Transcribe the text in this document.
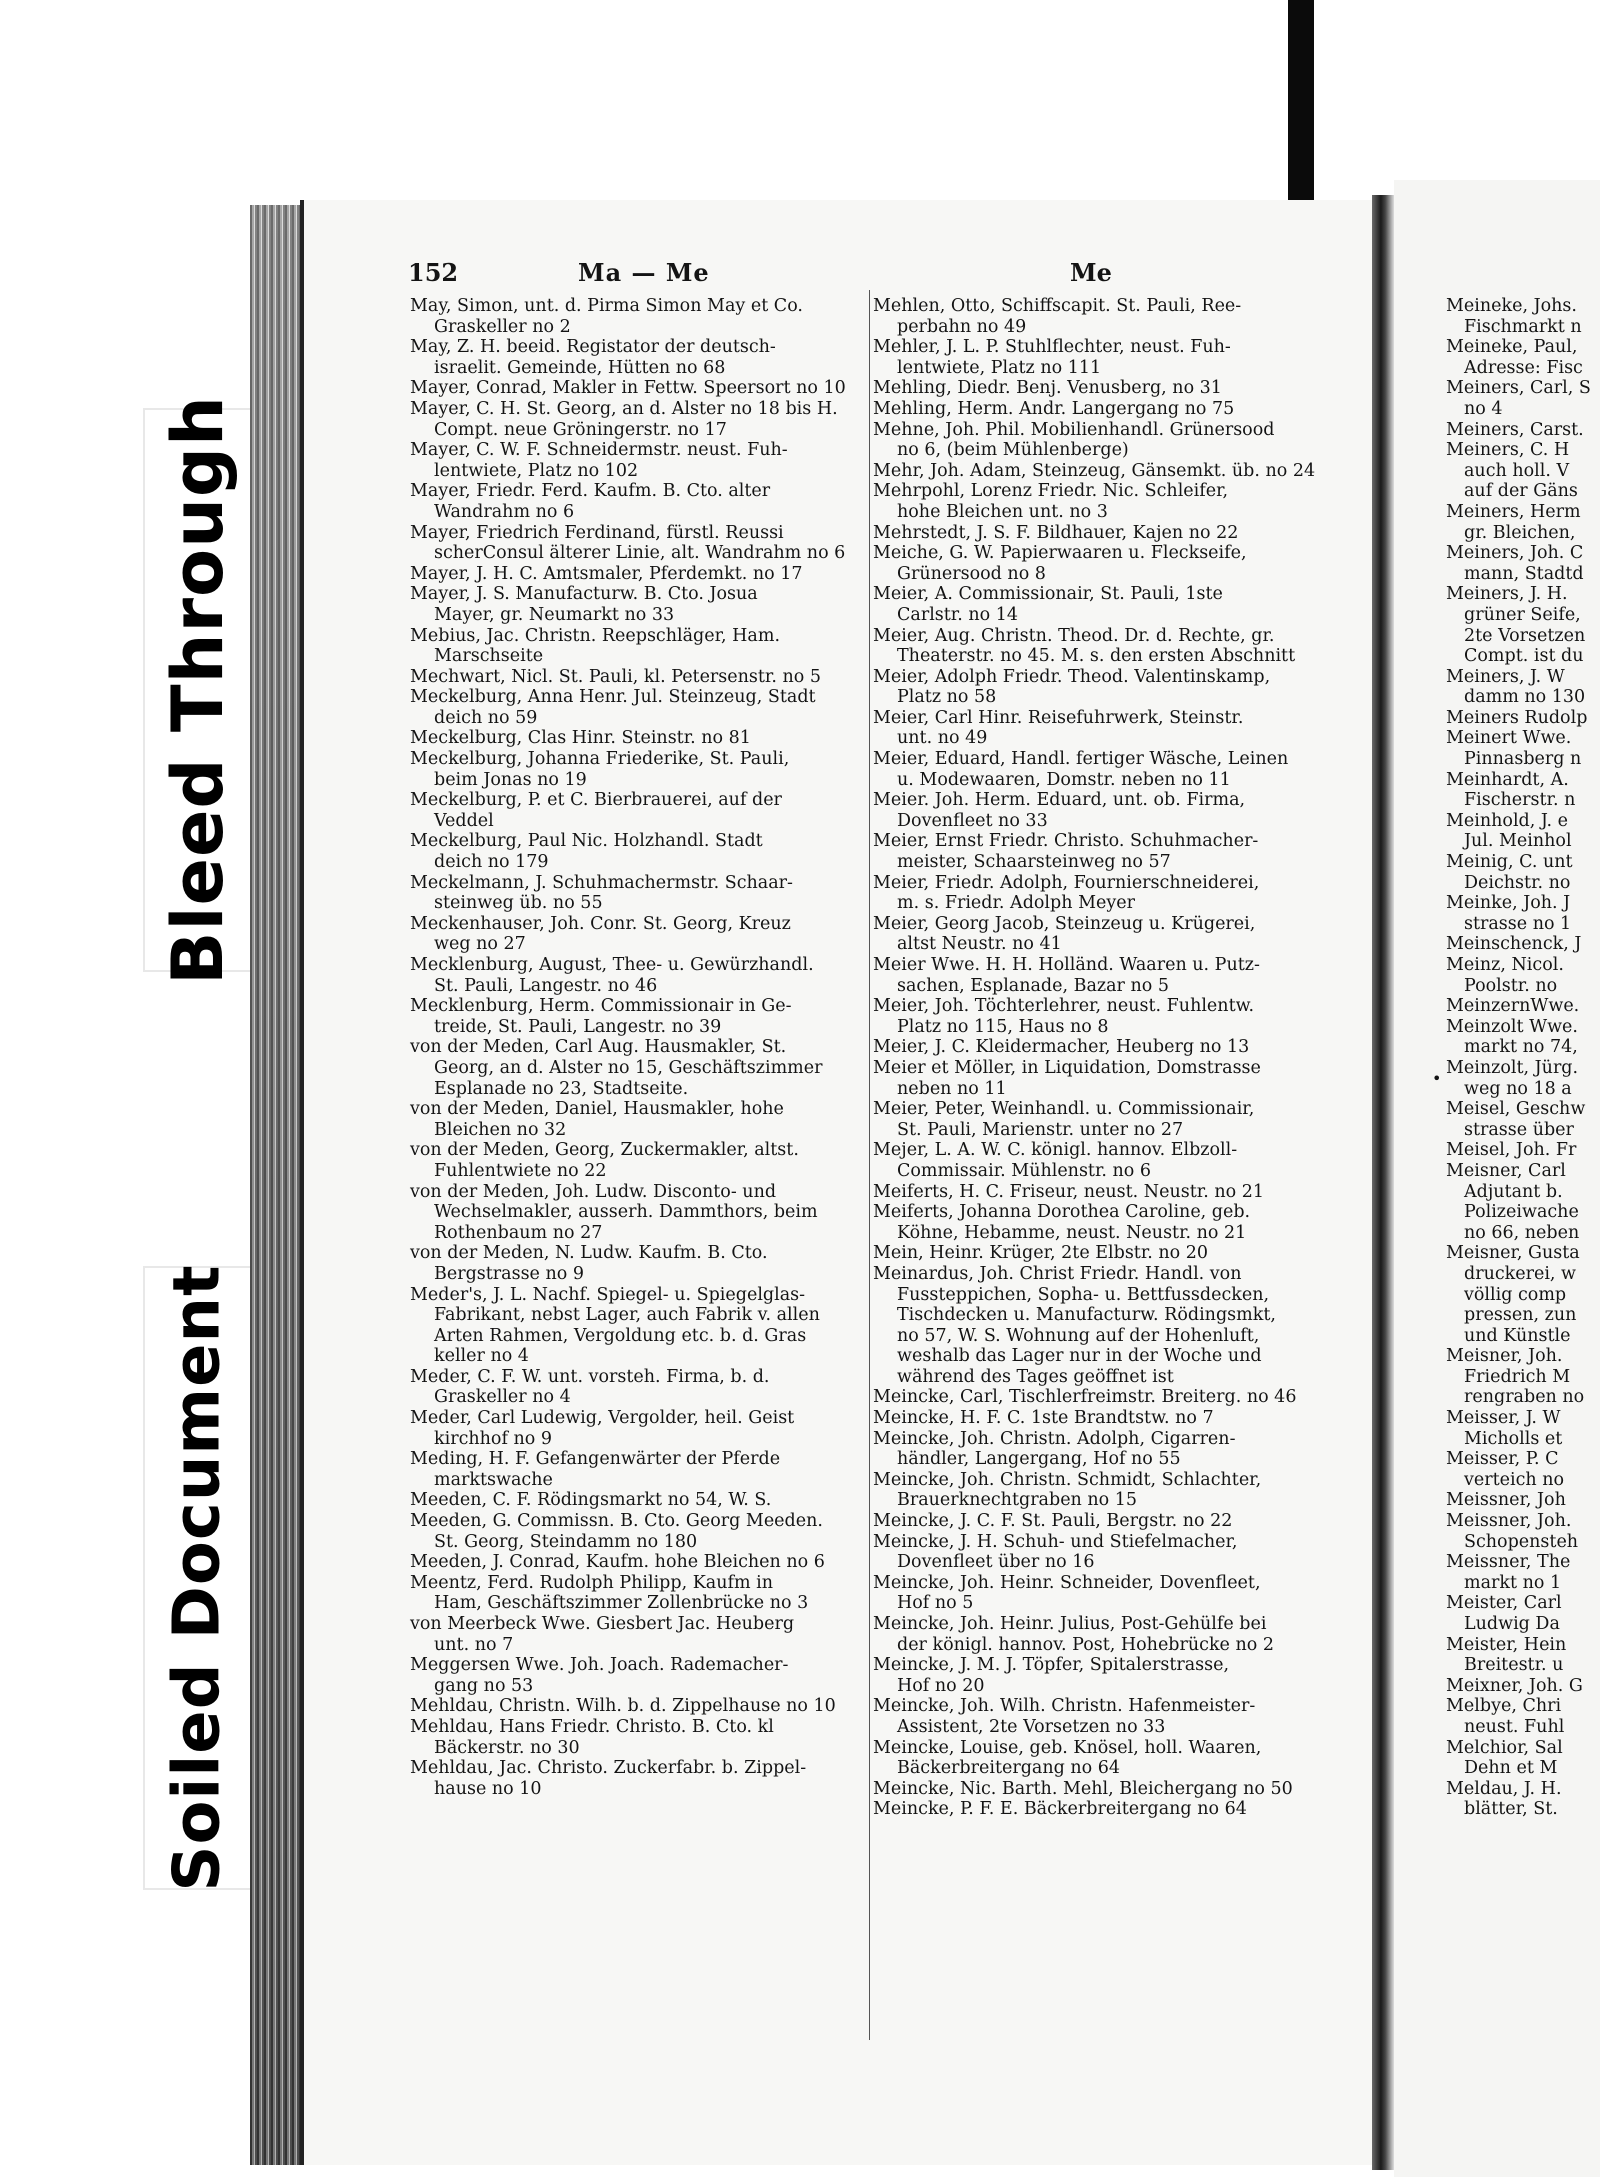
Bleed Through
Soiled Document
152	Ma — Me	Me
May, Simon, unt. d. Pirma Simon May et Co.
Graskeller no 2
May, Z. H. beeid. Registator der deutsch-
israelit. Gemeinde, Hütten no 68
Mayer, Conrad, Makler in Fettw. Speersort no 10
Mayer, C. H. St. Georg, an d. Alster no 18 bis H.
Compt. neue Gröningerstr. no 17
Mayer, C. W. F. Schneidermstr. neust. Fuh-
lentwiete, Platz no 102
Mayer, Friedr. Ferd. Kaufm. B. Cto. alter
Wandrahm no 6
Mayer, Friedrich Ferdinand, fürstl. Reussi
scherConsul älterer Linie, alt. Wandrahm no 6
Mayer, J. H. C. Amtsmaler, Pferdemkt. no 17
Mayer, J. S. Manufacturw. B. Cto. Josua
Mayer, gr. Neumarkt no 33
Mebius, Jac. Christn. Reepschläger, Ham.
Marschseite
Mechwart, Nicl. St. Pauli, kl. Petersenstr. no 5
Meckelburg, Anna Henr. Jul. Steinzeug, Stadt
deich no 59
Meckelburg, Clas Hinr. Steinstr. no 81
Meckelburg, Johanna Friederike, St. Pauli,
beim Jonas no 19
Meckelburg, P. et C. Bierbrauerei, auf der
Veddel
Meckelburg, Paul Nic. Holzhandl. Stadt
deich no 179
Meckelmann, J. Schuhmachermstr. Schaar-
steinweg üb. no 55
Meckenhauser, Joh. Conr. St. Georg, Kreuz
weg no 27
Mecklenburg, August, Thee- u. Gewürzhandl.
St. Pauli, Langestr. no 46
Mecklenburg, Herm. Commissionair in Ge-
treide, St. Pauli, Langestr. no 39
von der Meden, Carl Aug. Hausmakler, St.
Georg, an d. Alster no 15, Geschäftszimmer
Esplanade no 23, Stadtseite.
von der Meden, Daniel, Hausmakler, hohe
Bleichen no 32
von der Meden, Georg, Zuckermakler, altst.
Fuhlentwiete no 22
von der Meden, Joh. Ludw. Disconto- und
Wechselmakler, ausserh. Dammthors, beim
Rothenbaum no 27
von der Meden, N. Ludw. Kaufm. B. Cto.
Bergstrasse no 9
Meder's, J. L. Nachf. Spiegel- u. Spiegelglas-
Fabrikant, nebst Lager, auch Fabrik v. allen
Arten Rahmen, Vergoldung etc. b. d. Gras
keller no 4
Meder, C. F. W. unt. vorsteh. Firma, b. d.
Graskeller no 4
Meder, Carl Ludewig, Vergolder, heil. Geist
kirchhof no 9
Meding, H. F. Gefangenwärter der Pferde
marktswache
Meeden, C. F. Rödingsmarkt no 54, W. S.
Meeden, G. Commissn. B. Cto. Georg Meeden.
St. Georg, Steindamm no 180
Meeden, J. Conrad, Kaufm. hohe Bleichen no 6
Meentz, Ferd. Rudolph Philipp, Kaufm in
Ham, Geschäftszimmer Zollenbrücke no 3
von Meerbeck Wwe. Giesbert Jac. Heuberg
unt. no 7
Meggersen Wwe. Joh. Joach. Rademacher-
gang no 53
Mehldau, Christn. Wilh. b. d. Zippelhause no 10
Mehldau, Hans Friedr. Christo. B. Cto. kl
Bäckerstr. no 30
Mehldau, Jac. Christo. Zuckerfabr. b. Zippel-
hause no 10
Mehlen, Otto, Schiffscapit. St. Pauli, Ree-
perbahn no 49
Mehler, J. L. P. Stuhlflechter, neust. Fuh-
lentwiete, Platz no 111
Mehling, Diedr. Benj. Venusberg, no 31
Mehling, Herm. Andr. Langergang no 75
Mehne, Joh. Phil. Mobilienhandl. Grünersood
no 6, (beim Mühlenberge)
Mehr, Joh. Adam, Steinzeug, Gänsemkt. üb. no 24
Mehrpohl, Lorenz Friedr. Nic. Schleifer,
hohe Bleichen unt. no 3
Mehrstedt, J. S. F. Bildhauer, Kajen no 22
Meiche, G. W. Papierwaaren u. Fleckseife,
Grünersood no 8
Meier, A. Commissionair, St. Pauli, 1ste
Carlstr. no 14
Meier, Aug. Christn. Theod. Dr. d. Rechte, gr.
Theaterstr. no 45. M. s. den ersten Abschnitt
Meier, Adolph Friedr. Theod. Valentinskamp,
Platz no 58
Meier, Carl Hinr. Reisefuhrwerk, Steinstr.
unt. no 49
Meier, Eduard, Handl. fertiger Wäsche, Leinen
u. Modewaaren, Domstr. neben no 11
Meier. Joh. Herm. Eduard, unt. ob. Firma,
Dovenfleet no 33
Meier, Ernst Friedr. Christo. Schuhmacher-
meister, Schaarsteinweg no 57
Meier, Friedr. Adolph, Fournierschneiderei,
m. s. Friedr. Adolph Meyer
Meier, Georg Jacob, Steinzeug u. Krügerei,
altst Neustr. no 41
Meier Wwe. H. H. Holländ. Waaren u. Putz-
sachen, Esplanade, Bazar no 5
Meier, Joh. Töchterlehrer, neust. Fuhlentw.
Platz no 115, Haus no 8
Meier, J. C. Kleidermacher, Heuberg no 13
Meier et Möller, in Liquidation, Domstrasse
neben no 11
Meier, Peter, Weinhandl. u. Commissionair,
St. Pauli, Marienstr. unter no 27
Mejer, L. A. W. C. königl. hannov. Elbzoll-
Commissair. Mühlenstr. no 6
Meiferts, H. C. Friseur, neust. Neustr. no 21
Meiferts, Johanna Dorothea Caroline, geb.
Köhne, Hebamme, neust. Neustr. no 21
Mein, Heinr. Krüger, 2te Elbstr. no 20
Meinardus, Joh. Christ Friedr. Handl. von
Fussteppichen, Sopha- u. Bettfussdecken,
Tischdecken u. Manufacturw. Rödingsmkt,
no 57, W. S. Wohnung auf der Hohenluft,
weshalb das Lager nur in der Woche und
während des Tages geöffnet ist
Meincke, Carl, Tischlerfreimstr. Breiterg. no 46
Meincke, H. F. C. 1ste Brandtstw. no 7
Meincke, Joh. Christn. Adolph, Cigarren-
händler, Langergang, Hof no 55
Meincke, Joh. Christn. Schmidt, Schlachter,
Brauerknechtgraben no 15
Meincke, J. C. F. St. Pauli, Bergstr. no 22
Meincke, J. H. Schuh- und Stiefelmacher,
Dovenfleet über no 16
Meincke, Joh. Heinr. Schneider, Dovenfleet,
Hof no 5
Meincke, Joh. Heinr. Julius, Post-Gehülfe bei
der königl. hannov. Post, Hohebrücke no 2
Meincke, J. M. J. Töpfer, Spitalerstrasse,
Hof no 20
Meincke, Joh. Wilh. Christn. Hafenmeister-
Assistent, 2te Vorsetzen no 33
Meincke, Louise, geb. Knösel, holl. Waaren,
Bäckerbreitergang no 64
Meincke, Nic. Barth. Mehl, Bleichergang no 50
Meincke, P. F. E. Bäckerbreitergang no 64
Meineke, Johs.
Fischmarkt n
Meineke, Paul,
Adresse: Fisc
Meiners, Carl, S
no 4
Meiners, Carst.
Meiners, C. H
auch holl. V
auf der Gäns
Meiners, Herm
gr. Bleichen,
Meiners, Joh. C
mann, Stadtd
Meiners, J. H.
grüner Seife,
2te Vorsetzen
Compt. ist du
Meiners, J. W
damm no 130
Meiners Rudolp
Meinert Wwe.
Pinnasberg n
Meinhardt, A.
Fischerstr. n
Meinhold, J. e
Jul. Meinhol
Meinig, C. unt
Deichstr. no
Meinke, Joh. J
strasse no 1
Meinschenck, J
Meinz, Nicol.
Poolstr. no
MeinzernWwe.
Meinzolt Wwe.
markt no 74,
Meinzolt, Jürg.
weg no 18 a
Meisel, Geschw
strasse über
Meisel, Joh. Fr
Meisner, Carl
Adjutant b.
Polizeiwache
no 66, neben
Meisner, Gusta
druckerei, w
völlig comp
pressen, zun
und Künstle
Meisner, Joh.
Friedrich M
rengraben no
Meisser, J. W
Micholls et
Meisser, P. C
verteich no
Meissner, Joh
Meissner, Joh.
Schopensteh
Meissner, The
markt no 1
Meister, Carl
Ludwig Da
Meister, Hein
Breitestr. u
Meixner, Joh. G
Melbye, Chri
neust. Fuhl
Melchior, Sal
Dehn et M
Meldau, J. H.
blätter, St.
•
